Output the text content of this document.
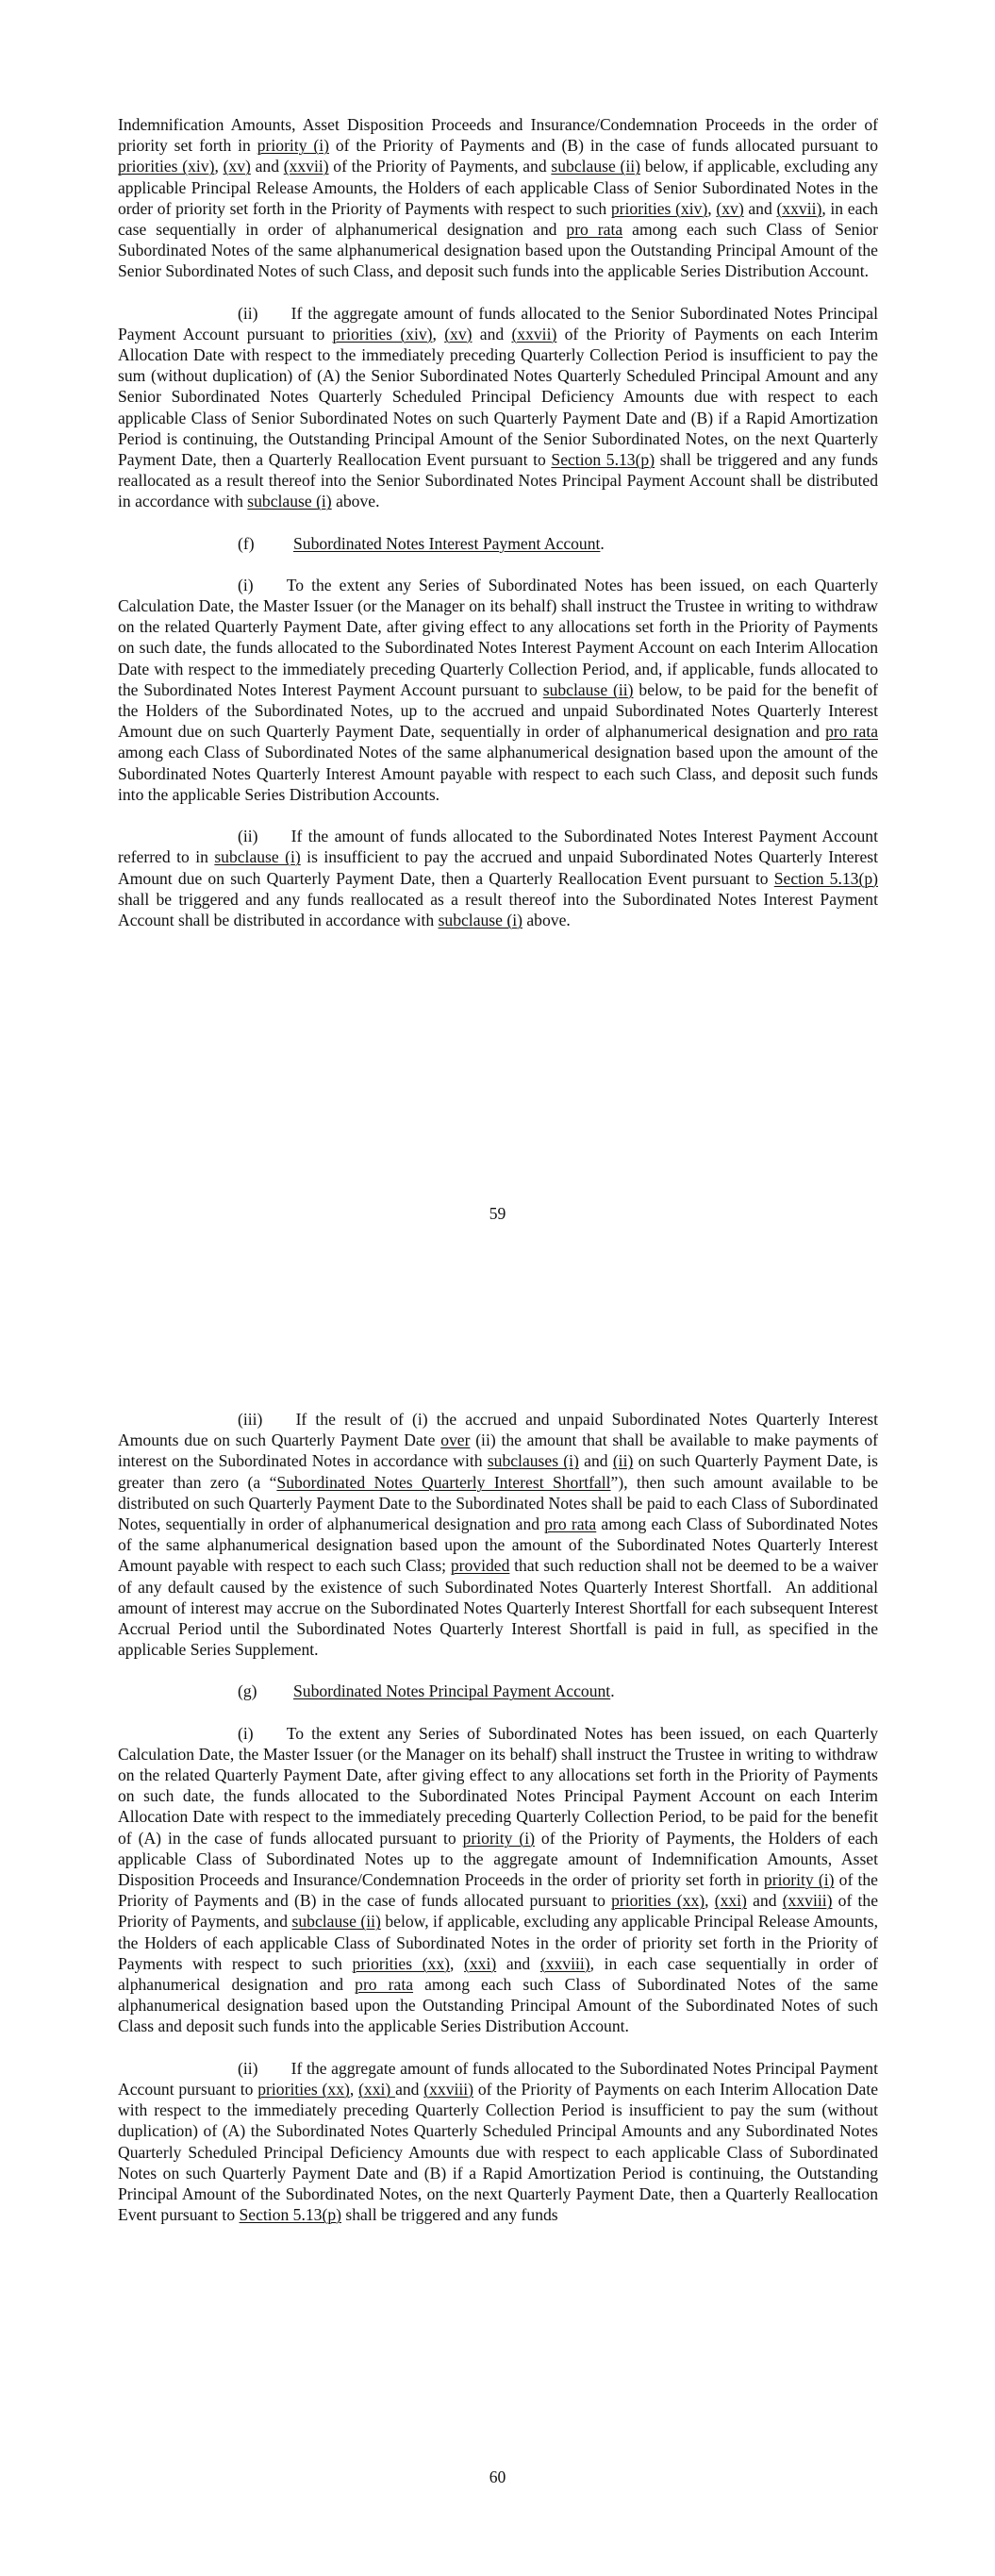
Indemnification Amounts, Asset Disposition Proceeds and Insurance/Condemnation Proceeds in the order of priority set forth in priority (i) of the Priority of Payments and (B) in the case of funds allocated pursuant to priorities (xiv), (xv) and (xxvii) of the Priority of Payments, and subclause (ii) below, if applicable, excluding any applicable Principal Release Amounts, the Holders of each applicable Class of Senior Subordinated Notes in the order of priority set forth in the Priority of Payments with respect to such priorities (xiv), (xv) and (xxvii), in each case sequentially in order of alphanumerical designation and pro rata among each such Class of Senior Subordinated Notes of the same alphanumerical designation based upon the Outstanding Principal Amount of the Senior Subordinated Notes of such Class, and deposit such funds into the applicable Series Distribution Account.

(ii)  If the aggregate amount of funds allocated to the Senior Subordinated Notes Principal Payment Account pursuant to priorities (xiv), (xv) and (xxvii) of the Priority of Payments on each Interim Allocation Date with respect to the immediately preceding Quarterly Collection Period is insufficient to pay the sum (without duplication) of (A) the Senior Subordinated Notes Quarterly Scheduled Principal Amount and any Senior Subordinated Notes Quarterly Scheduled Principal Deficiency Amounts due with respect to each applicable Class of Senior Subordinated Notes on such Quarterly Payment Date and (B) if a Rapid Amortization Period is continuing, the Outstanding Principal Amount of the Senior Subordinated Notes, on the next Quarterly Payment Date, then a Quarterly Reallocation Event pursuant to Section 5.13(p) shall be triggered and any funds reallocated as a result thereof into the Senior Subordinated Notes Principal Payment Account shall be distributed in accordance with subclause (i) above.

(f) Subordinated Notes Interest Payment Account.

(i)  To the extent any Series of Subordinated Notes has been issued, on each Quarterly Calculation Date, the Master Issuer (or the Manager on its behalf) shall instruct the Trustee in writing to withdraw on the related Quarterly Payment Date, after giving effect to any allocations set forth in the Priority of Payments on such date, the funds allocated to the Subordinated Notes Interest Payment Account on each Interim Allocation Date with respect to the immediately preceding Quarterly Collection Period, and, if applicable, funds allocated to the Subordinated Notes Interest Payment Account pursuant to subclause (ii) below, to be paid for the benefit of the Holders of the Subordinated Notes, up to the accrued and unpaid Subordinated Notes Quarterly Interest Amount due on such Quarterly Payment Date, sequentially in order of alphanumerical designation and pro rata among each Class of Subordinated Notes of the same alphanumerical designation based upon the amount of the Subordinated Notes Quarterly Interest Amount payable with respect to each such Class, and deposit such funds into the applicable Series Distribution Accounts.

(ii)  If the amount of funds allocated to the Subordinated Notes Interest Payment Account referred to in subclause (i) is insufficient to pay the accrued and unpaid Subordinated Notes Quarterly Interest Amount due on such Quarterly Payment Date, then a Quarterly Reallocation Event pursuant to Section 5.13(p) shall be triggered and any funds reallocated as a result thereof into the Subordinated Notes Interest Payment Account shall be distributed in accordance with subclause (i) above.

59

(iii)  If the result of (i) the accrued and unpaid Subordinated Notes Quarterly Interest Amounts due on such Quarterly Payment Date over (ii) the amount that shall be available to make payments of interest on the Subordinated Notes in accordance with subclauses (i) and (ii) on such Quarterly Payment Date, is greater than zero (a “Subordinated Notes Quarterly Interest Shortfall”), then such amount available to be distributed on such Quarterly Payment Date to the Subordinated Notes shall be paid to each Class of Subordinated Notes, sequentially in order of alphanumerical designation and pro rata among each Class of Subordinated Notes of the same alphanumerical designation based upon the amount of the Subordinated Notes Quarterly Interest Amount payable with respect to each such Class; provided that such reduction shall not be deemed to be a waiver of any default caused by the existence of such Subordinated Notes Quarterly Interest Shortfall.  An additional amount of interest may accrue on the Subordinated Notes Quarterly Interest Shortfall for each subsequent Interest Accrual Period until the Subordinated Notes Quarterly Interest Shortfall is paid in full, as specified in the applicable Series Supplement.

(g) Subordinated Notes Principal Payment Account.

(i)  To the extent any Series of Subordinated Notes has been issued, on each Quarterly Calculation Date, the Master Issuer (or the Manager on its behalf) shall instruct the Trustee in writing to withdraw on the related Quarterly Payment Date, after giving effect to any allocations set forth in the Priority of Payments on such date, the funds allocated to the Subordinated Notes Principal Payment Account on each Interim Allocation Date with respect to the immediately preceding Quarterly Collection Period, to be paid for the benefit of (A) in the case of funds allocated pursuant to priority (i) of the Priority of Payments, the Holders of each applicable Class of Subordinated Notes up to the aggregate amount of Indemnification Amounts, Asset Disposition Proceeds and Insurance/Condemnation Proceeds in the order of priority set forth in priority (i) of the Priority of Payments and (B) in the case of funds allocated pursuant to priorities (xx), (xxi) and (xxviii) of the Priority of Payments, and subclause (ii) below, if applicable, excluding any applicable Principal Release Amounts, the Holders of each applicable Class of Subordinated Notes in the order of priority set forth in the Priority of Payments with respect to such priorities (xx), (xxi) and (xxviii), in each case sequentially in order of alphanumerical designation and pro rata among each such Class of Subordinated Notes of the same alphanumerical designation based upon the Outstanding Principal Amount of the Subordinated Notes of such Class and deposit such funds into the applicable Series Distribution Account.

(ii)  If the aggregate amount of funds allocated to the Subordinated Notes Principal Payment Account pursuant to priorities (xx), (xxi) and (xxviii) of the Priority of Payments on each Interim Allocation Date with respect to the immediately preceding Quarterly Collection Period is insufficient to pay the sum (without duplication) of (A) the Subordinated Notes Quarterly Scheduled Principal Amounts and any Subordinated Notes Quarterly Scheduled Principal Deficiency Amounts due with respect to each applicable Class of Subordinated Notes on such Quarterly Payment Date and (B) if a Rapid Amortization Period is continuing, the Outstanding Principal Amount of the Subordinated Notes, on the next Quarterly Payment Date, then a Quarterly Reallocation Event pursuant to Section 5.13(p) shall be triggered and any funds

60
